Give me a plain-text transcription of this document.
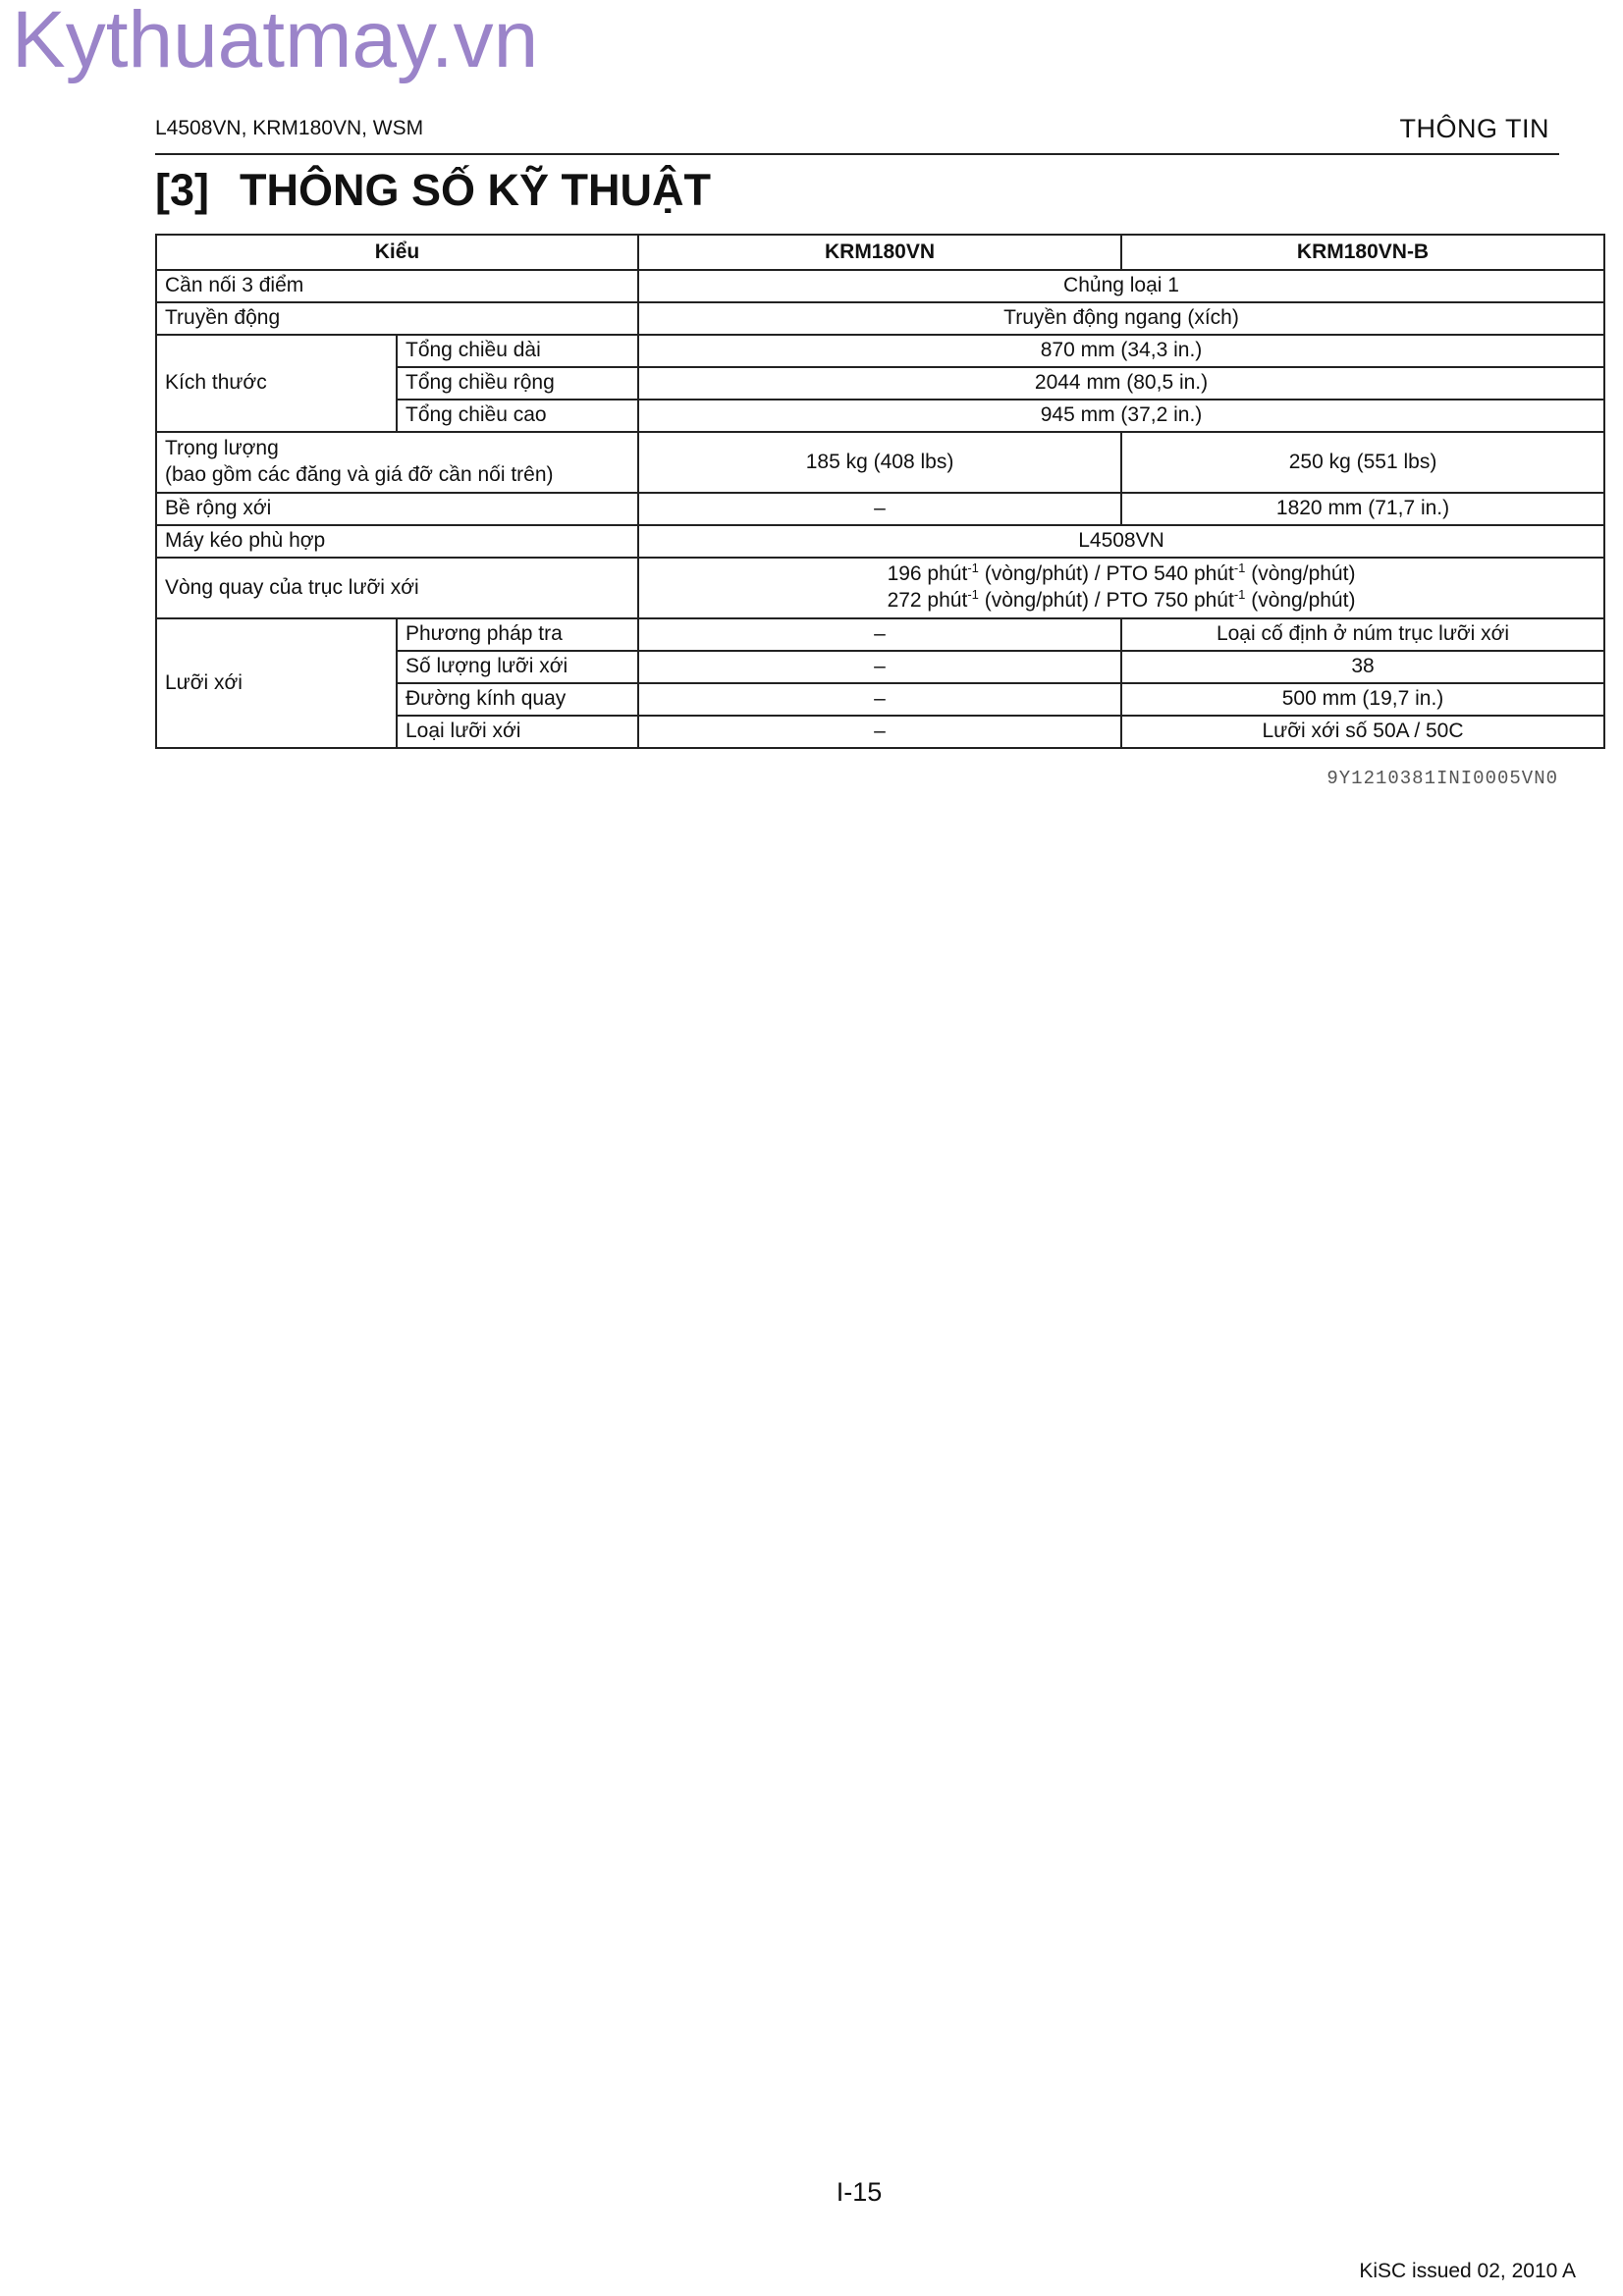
Kythuatmay.vn
L4508VN, KRM180VN, WSM	THÔNG TIN
[3] THÔNG SỐ KỸ THUẬT
Kiểu		KRM180VN	KRM180VN-B
Cần nối 3 điểm		Chủng loại 1	
Truyền động		Truyền động ngang (xích)	
Kích thước	Tổng chiều dài	870 mm (34,3 in.)	
	Tổng chiều rộng	2044 mm (80,5 in.)	
	Tổng chiều cao	945 mm (37,2 in.)	

Trọng lượng
(bao gồm các đăng và giá đỡ cần nối trên)		185 kg (408 lbs)	250 kg (551 lbs)
Bề rộng xới		–	1820 mm (71,7 in.)
Máy kéo phù hợp		L4508VN	
Vòng quay của trục lưỡi xới		196 phút$^{-1}$ (vòng/phút) / PTO 540 phút$^{-1}$ (vòng/phút)
272 phút$^{-1}$ (vòng/phút) / PTO 750 phút$^{-1}$ (vòng/phút)	

Lưỡi xới	Phương pháp tra	–	Loại cố định ở núm trục lưỡi xới
	Số lượng lưỡi xới	–	38
	Đường kính quay	–	500 mm (19,7 in.)
	Loại lưỡi xới	–	Lưỡi xới số 50A / 50C
9Y1210381INI0005VN0
I-15
KiSC issued 02, 2010 A
